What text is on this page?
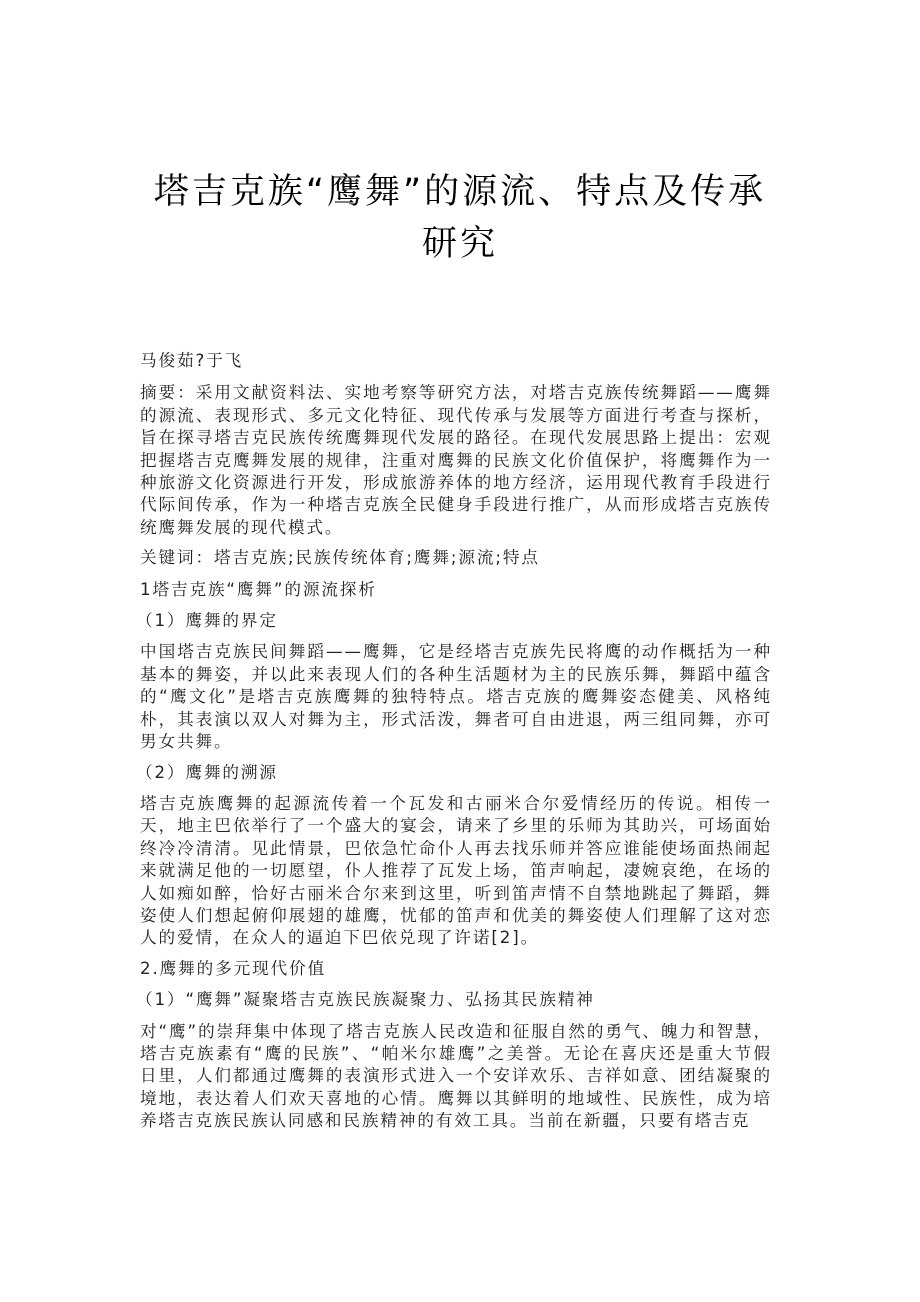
塔吉克族“鹰舞”的源流、特点及传承
研究

马俊茹?于飞

摘要：采用文献资料法、实地考察等研究方法，对塔吉克族传统舞蹈——鹰舞的源流、表现形式、多元文化特征、现代传承与发展等方面进行考查与探析，旨在探寻塔吉克民族传统鹰舞现代发展的路径。在现代发展思路上提出：宏观把握塔吉克鹰舞发展的规律，注重对鹰舞的民族文化价值保护，将鹰舞作为一种旅游文化资源进行开发，形成旅游养体的地方经济，运用现代教育手段进行代际间传承，作为一种塔吉克族全民健身手段进行推广，从而形成塔吉克族传统鹰舞发展的现代模式。

关键词：塔吉克族;民族传统体育;鹰舞;源流;特点

1塔吉克族“鹰舞”的源流探析

（1）鹰舞的界定

中国塔吉克族民间舞蹈——鹰舞，它是经塔吉克族先民将鹰的动作概括为一种基本的舞姿，并以此来表现人们的各种生活题材为主的民族乐舞，舞蹈中蕴含的“鹰文化”是塔吉克族鹰舞的独特特点。塔吉克族的鹰舞姿态健美、风格纯朴，其表演以双人对舞为主，形式活泼，舞者可自由进退，两三组同舞，亦可男女共舞。

（2）鹰舞的溯源

塔吉克族鹰舞的起源流传着一个瓦发和古丽米合尔爱情经历的传说。相传一天，地主巴依举行了一个盛大的宴会，请来了乡里的乐师为其助兴，可场面始终冷冷清清。见此情景，巴依急忙命仆人再去找乐师并答应谁能使场面热闹起来就满足他的一切愿望，仆人推荐了瓦发上场，笛声响起，凄婉哀绝，在场的人如痴如醉，恰好古丽米合尔来到这里，听到笛声情不自禁地跳起了舞蹈，舞姿使人们想起俯仰展翅的雄鹰，忧郁的笛声和优美的舞姿使人们理解了这对恋人的爱情，在众人的逼迫下巴依兑现了许诺[2]。

2.鹰舞的多元现代价值

（1）“鹰舞”凝聚塔吉克族民族凝聚力、弘扬其民族精神

对“鹰”的崇拜集中体现了塔吉克族人民改造和征服自然的勇气、魄力和智慧，塔吉克族素有“鹰的民族”、“帕米尔雄鹰”之美誉。无论在喜庆还是重大节假日里，人们都通过鹰舞的表演形式进入一个安详欢乐、吉祥如意、团结凝聚的境地，表达着人们欢天喜地的心情。鹰舞以其鲜明的地域性、民族性，成为培养塔吉克族民族认同感和民族精神的有效工具。当前在新疆，只要有塔吉克
